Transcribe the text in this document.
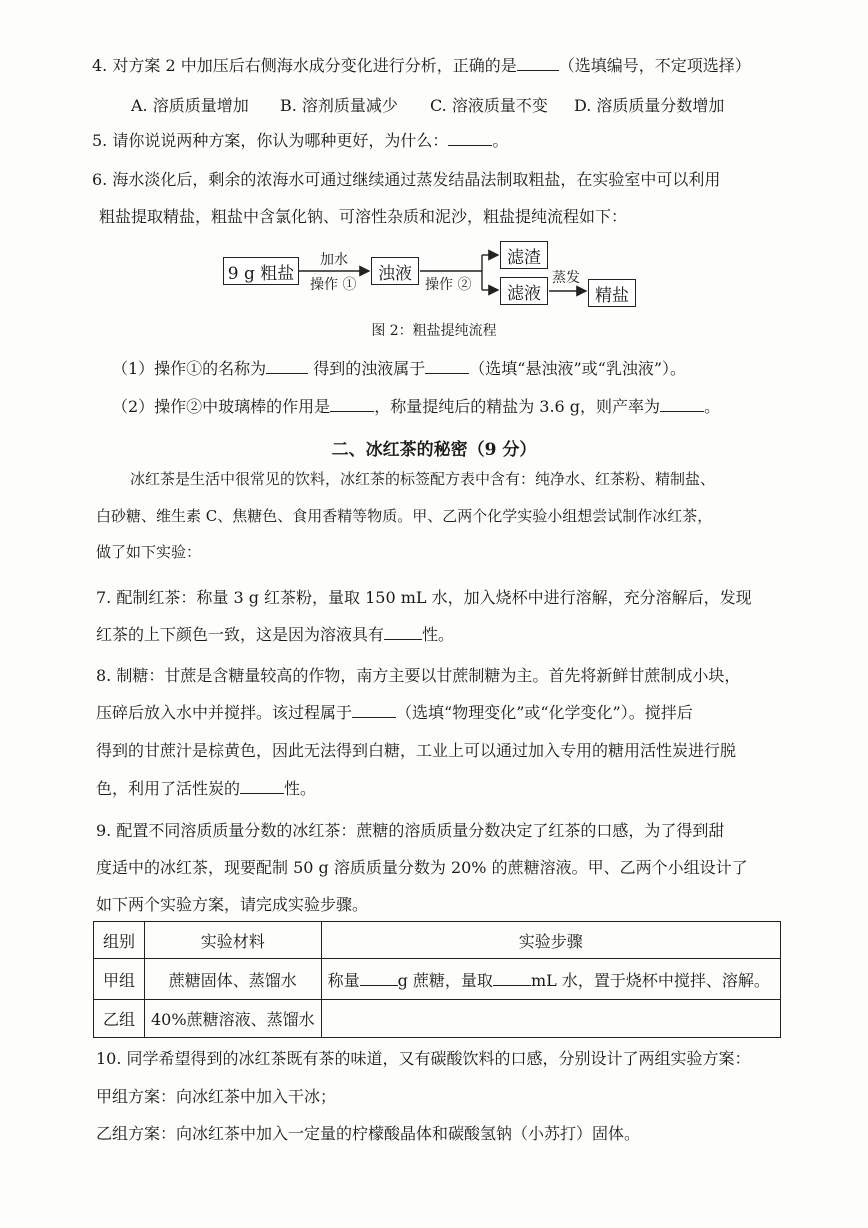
4. 对方案 2 中加压后右侧海水成分变化进行分析，正确的是	（选填编号，不定项选择）
A. 溶质质量增加 B. 溶剂质量减少 C. 溶液质量不变 D. 溶质质量分数增加
5. 请你说说两种方案，你认为哪种更好，为什么：	。
6. 海水淡化后，剩余的浓海水可通过继续通过蒸发结晶法制取粗盐，在实验室中可以利用
粗盐提取精盐，粗盐中含氯化钠、可溶性杂质和泥沙，粗盐提纯流程如下：
9 g 粗盐
加水
操作 ①
浊液
操作 ②
滤渣
滤液
蒸发
精盐
图 2：粗盐提纯流程
（1）操作①的名称为	得到的浊液属于	（选填“悬浊液”或“乳浊液”）。
（2）操作②中玻璃棒的作用是	，称量提纯后的精盐为 3.6 g，则产率为	。
二、冰红茶的秘密（9 分）
冰红茶是生活中很常见的饮料，冰红茶的标签配方表中含有：纯净水、红茶粉、精制盐、
白砂糖、维生素 C、焦糖色、食用香精等物质。甲、乙两个化学实验小组想尝试制作冰红茶，
做了如下实验：
7. 配制红茶：称量 3 g 红茶粉，量取 150 mL 水，加入烧杯中进行溶解，充分溶解后，发现
红茶的上下颜色一致，这是因为溶液具有 性。
8. 制糖：甘蔗是含糖量较高的作物，南方主要以甘蔗制糖为主。首先将新鲜甘蔗制成小块，
压碎后放入水中并搅拌。该过程属于	（选填“物理变化”或“化学变化”）。搅拌后
得到的甘蔗汁是棕黄色，因此无法得到白糖，工业上可以通过加入专用的糖用活性炭进行脱
色，利用了活性炭的	性。
9. 配置不同溶质质量分数的冰红茶：蔗糖的溶质质量分数决定了红茶的口感，为了得到甜
度适中的冰红茶，现要配制 50 g 溶质质量分数为 20% 的蔗糖溶液。甲、乙两个小组设计了
如下两个实验方案，请完成实验步骤。
组别	实验材料	实验步骤
甲组	蔗糖固体、蒸馏水	称量 g 蔗糖，量取 mL 水，置于烧杯中搅拌、溶解。
乙组	40%蔗糖溶液、蒸馏水	
10. 同学希望得到的冰红茶既有茶的味道，又有碳酸饮料的口感，分别设计了两组实验方案：
甲组方案：向冰红茶中加入干冰；
乙组方案：向冰红茶中加入一定量的柠檬酸晶体和碳酸氢钠（小苏打）固体。
